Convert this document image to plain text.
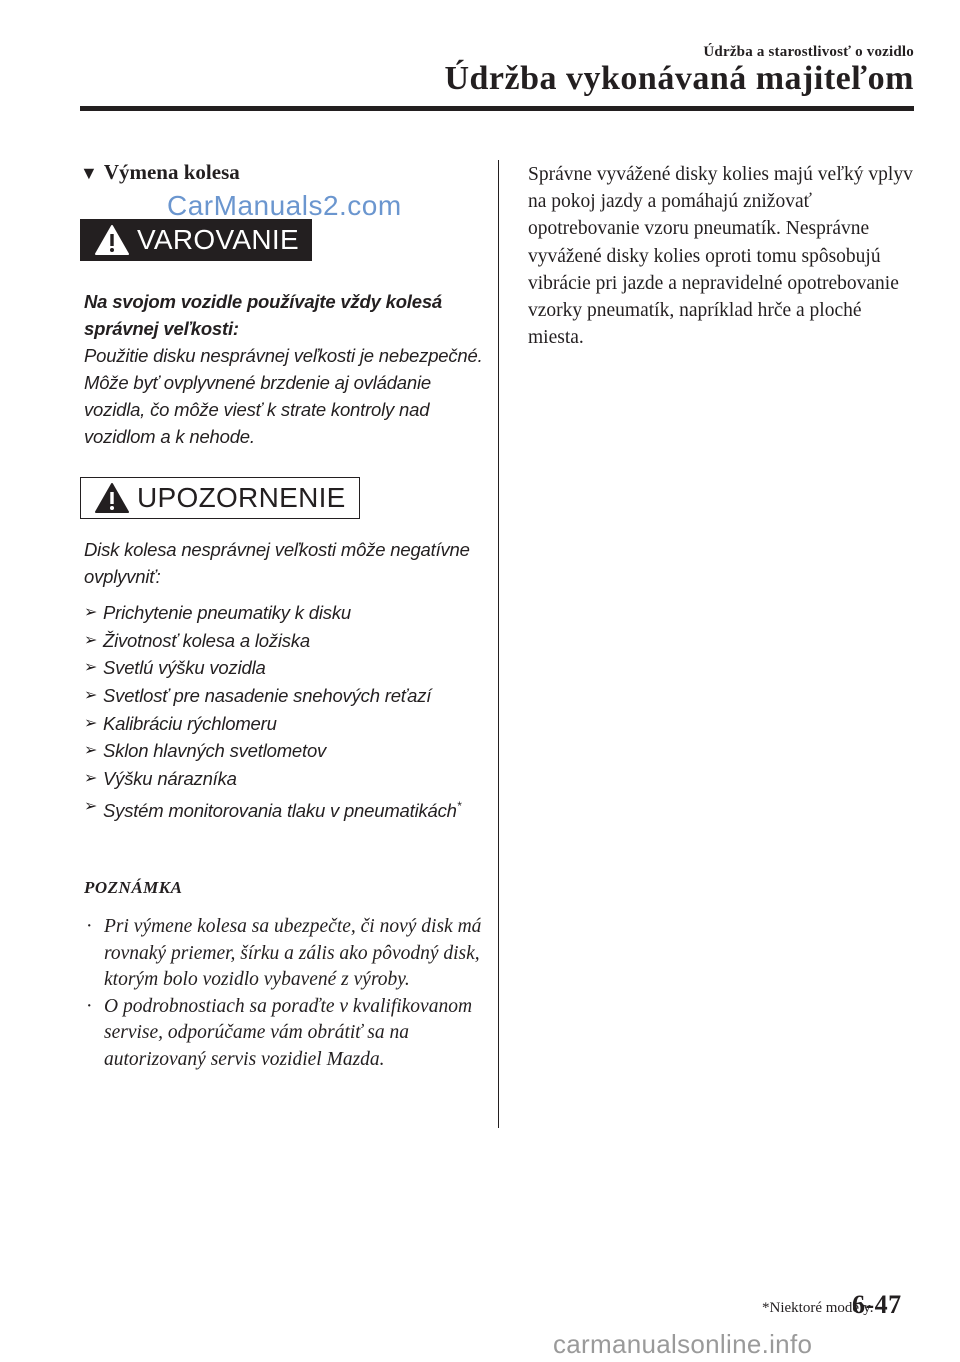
Údržba a starostlivosť o vozidlo
Údržba vykonávaná majiteľom
▼ Výmena kolesa
VAROVANIE
CarManuals2.com
Na svojom vozidle používajte vždy kolesá správnej veľkosti:
Použitie disku nesprávnej veľkosti je nebezpečné. Môže byť ovplyvnené brzdenie aj ovládanie vozidla, čo môže viesť k strate kontroly nad vozidlom a k nehode.
UPOZORNENIE
Disk kolesa nesprávnej veľkosti môže negatívne ovplyvniť:
➢ Prichytenie pneumatiky k disku
➢ Životnosť kolesa a ložiska
➢ Svetlú výšku vozidla
➢ Svetlosť pre nasadenie snehových reťazí
➢ Kalibráciu rýchlomeru
➢ Sklon hlavných svetlometov
➢ Výšku nárazníka
➢ Systém monitorovania tlaku v pneumatikách*
POZNÁMKA
· Pri výmene kolesa sa ubezpečte, či nový disk má rovnaký priemer, šírku a zális ako pôvodný disk, ktorým bolo vozidlo vybavené z výroby.
· O podrobnostiach sa poraďte v kvalifikovanom servise, odporúčame vám obrátiť sa na autorizovaný servis vozidiel Mazda.
Správne vyvážené disky kolies majú veľký vplyv na pokoj jazdy a pomáhajú znižovať opotrebovanie vzoru pneumatík. Nesprávne vyvážené disky kolies oproti tomu spôsobujú vibrácie pri jazde a nepravidelné opotrebovanie vzorky pneumatík, napríklad hrče a ploché miesta.
*Niektoré modely.
6-47
carmanualsonline.info
